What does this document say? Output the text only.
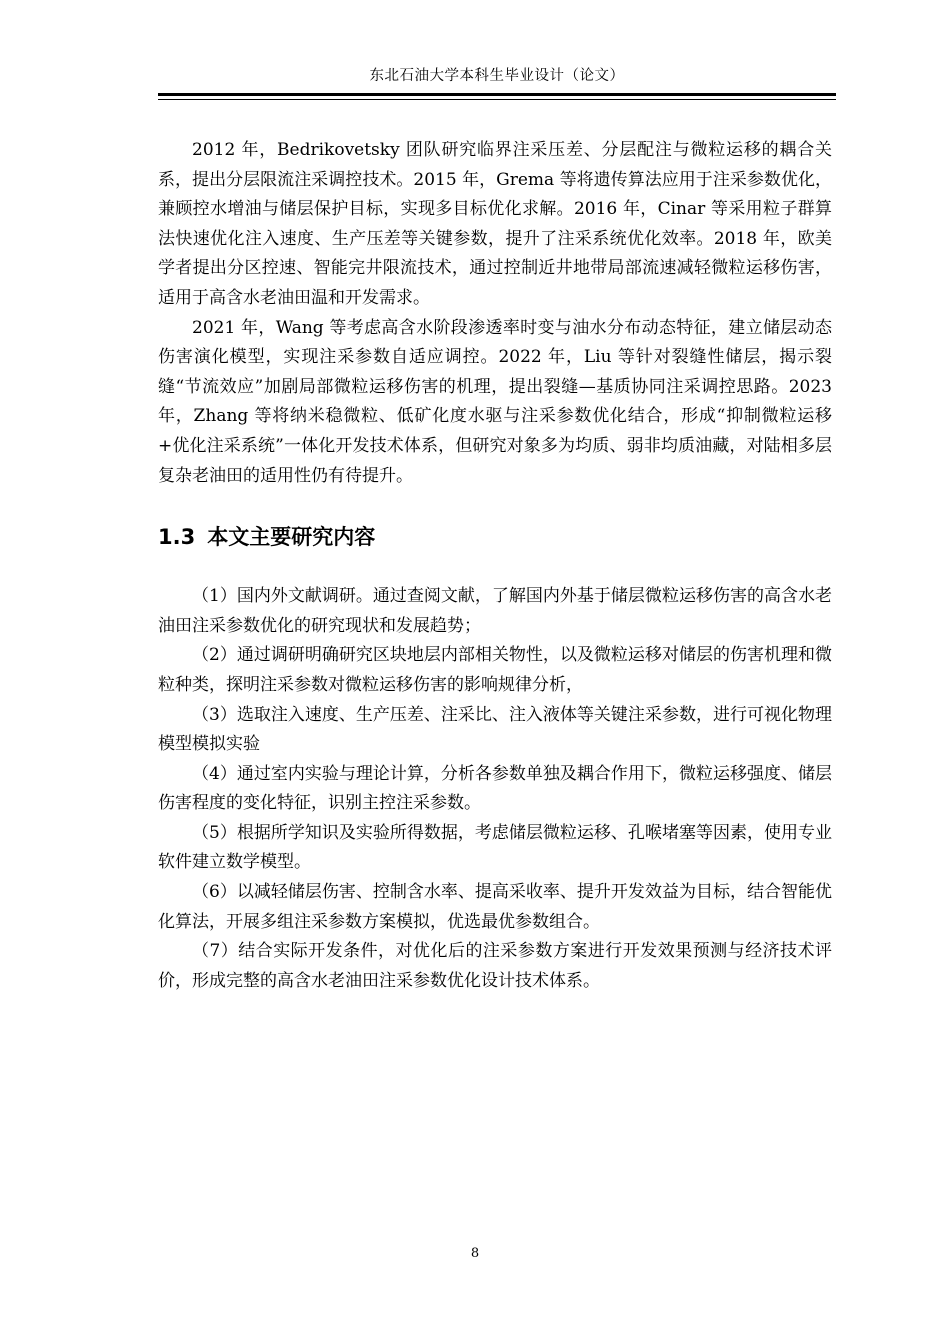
东北石油大学本科生毕业设计（论文）

2012 年，Bedrikovetsky 团队研究临界注采压差、分层配注与微粒运移的耦合关系，提出分层限流注采调控技术。2015 年，Grema 等将遗传算法应用于注采参数优化，兼顾控水增油与储层保护目标，实现多目标优化求解。2016 年，Cinar 等采用粒子群算法快速优化注入速度、生产压差等关键参数，提升了注采系统优化效率。2018 年，欧美学者提出分区控速、智能完井限流技术，通过控制近井地带局部流速减轻微粒运移伤害，适用于高含水老油田温和开发需求。

2021 年，Wang 等考虑高含水阶段渗透率时变与油水分布动态特征，建立储层动态伤害演化模型，实现注采参数自适应调控。2022 年，Liu 等针对裂缝性储层，揭示裂缝“节流效应”加剧局部微粒运移伤害的机理，提出裂缝—基质协同注采调控思路。2023 年，Zhang 等将纳米稳微粒、低矿化度水驱与注采参数优化结合，形成“抑制微粒运移+优化注采系统”一体化开发技术体系，但研究对象多为均质、弱非均质油藏，对陆相多层复杂老油田的适用性仍有待提升。

1.3 本文主要研究内容

（1）国内外文献调研。通过查阅文献，了解国内外基于储层微粒运移伤害的高含水老油田注采参数优化的研究现状和发展趋势；

（2）通过调研明确研究区块地层内部相关物性，以及微粒运移对储层的伤害机理和微粒种类，探明注采参数对微粒运移伤害的影响规律分析，

（3）选取注入速度、生产压差、注采比、注入液体等关键注采参数，进行可视化物理模型模拟实验

（4）通过室内实验与理论计算，分析各参数单独及耦合作用下，微粒运移强度、储层伤害程度的变化特征，识别主控注采参数。

（5）根据所学知识及实验所得数据，考虑储层微粒运移、孔喉堵塞等因素，使用专业软件建立数学模型。

（6）以减轻储层伤害、控制含水率、提高采收率、提升开发效益为目标，结合智能优化算法，开展多组注采参数方案模拟，优选最优参数组合。

（7）结合实际开发条件，对优化后的注采参数方案进行开发效果预测与经济技术评价，形成完整的高含水老油田注采参数优化设计技术体系。

8
